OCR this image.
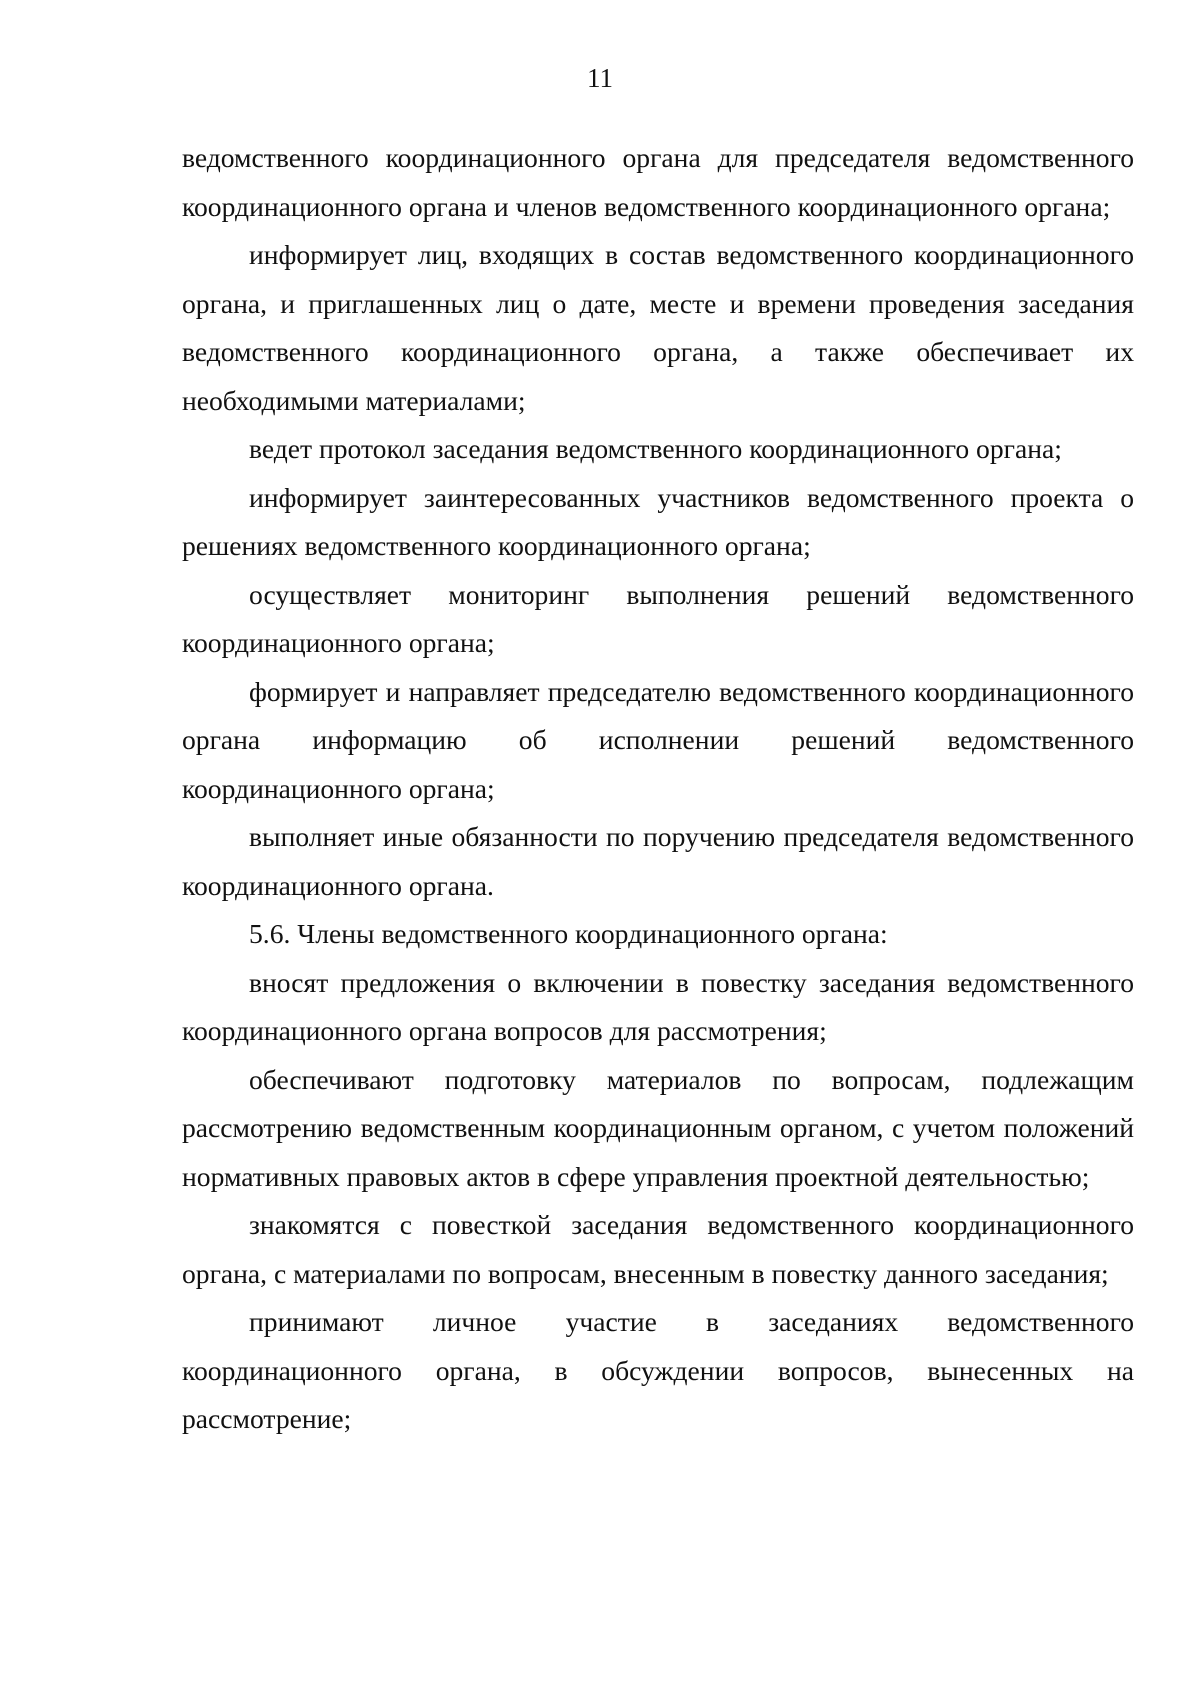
11

ведомственного координационного органа для председателя ведомственного координационного органа и членов ведомственного координационного органа;

информирует лиц, входящих в состав ведомственного координационного органа, и приглашенных лиц о дате, месте и времени проведения заседания ведомственного координационного органа, а также обеспечивает их необходимыми материалами;

ведет протокол заседания ведомственного координационного органа;

информирует заинтересованных участников ведомственного проекта о решениях ведомственного координационного органа;

осуществляет мониторинг выполнения решений ведомственного координационного органа;

формирует и направляет председателю ведомственного координационного органа информацию об исполнении решений ведомственного координационного органа;

выполняет иные обязанности по поручению председателя ведомственного координационного органа.

5.6. Члены ведомственного координационного органа:

вносят предложения о включении в повестку заседания ведомственного координационного органа вопросов для рассмотрения;

обеспечивают подготовку материалов по вопросам, подлежащим рассмотрению ведомственным координационным органом, с учетом положений нормативных правовых актов в сфере управления проектной деятельностью;

знакомятся с повесткой заседания ведомственного координационного органа, с материалами по вопросам, внесенным в повестку данного заседания;

принимают личное участие в заседаниях ведомственного координационного органа, в обсуждении вопросов, вынесенных на рассмотрение;
